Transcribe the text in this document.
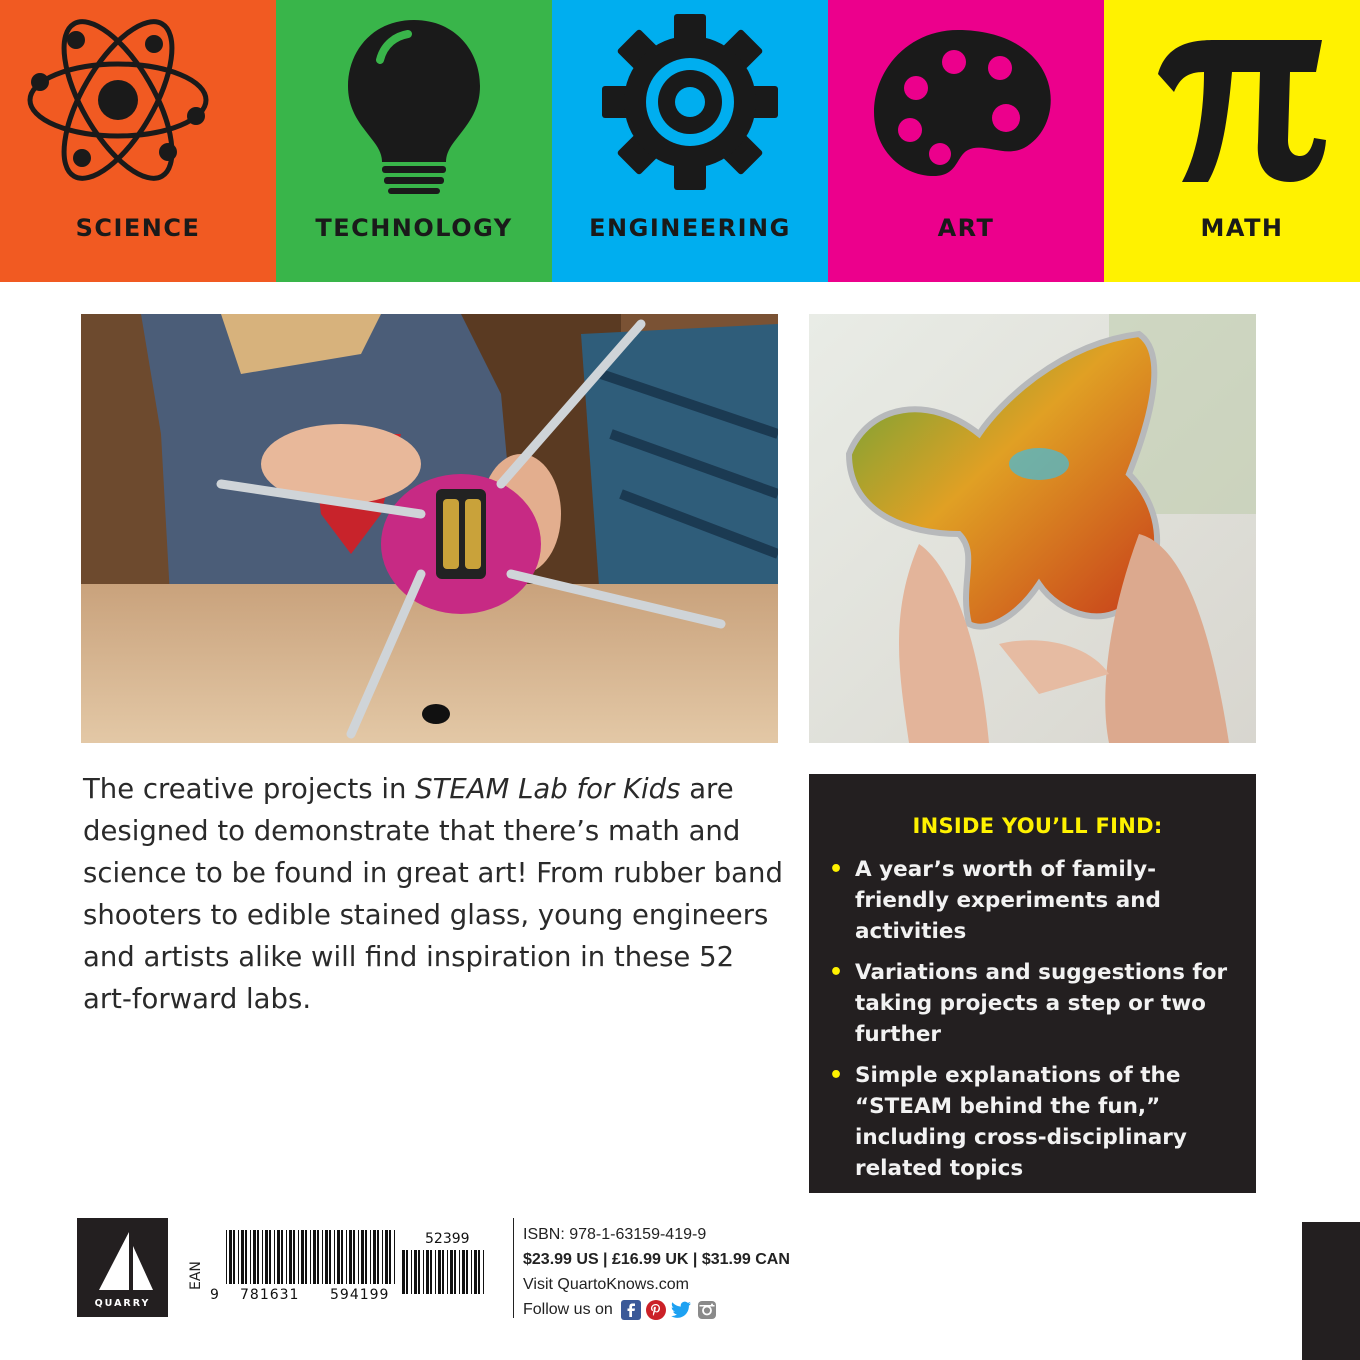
SCIENCE	TECHNOLOGY	ENGINEERING	ART	MATH
The creative projects in STEAM Lab for Kids are designed to demonstrate that there’s math and science to be found in great art! From rubber band shooters to edible stained glass, young engineers and artists alike will find inspiration in these 52 art-forward labs.
INSIDE YOU’LL FIND:
• A year’s worth of family-friendly experiments and activities
• Variations and suggestions for taking projects a step or two further
• Simple explanations of the “STEAM behind the fun,” including cross-disciplinary related topics
QUARRY
EAN
9 781631 594199
52399	ISBN: 978-1-63159-419-9
$23.99 US | £16.99 UK | $31.99 CAN
Visit QuartoKnows.com
Follow us on
